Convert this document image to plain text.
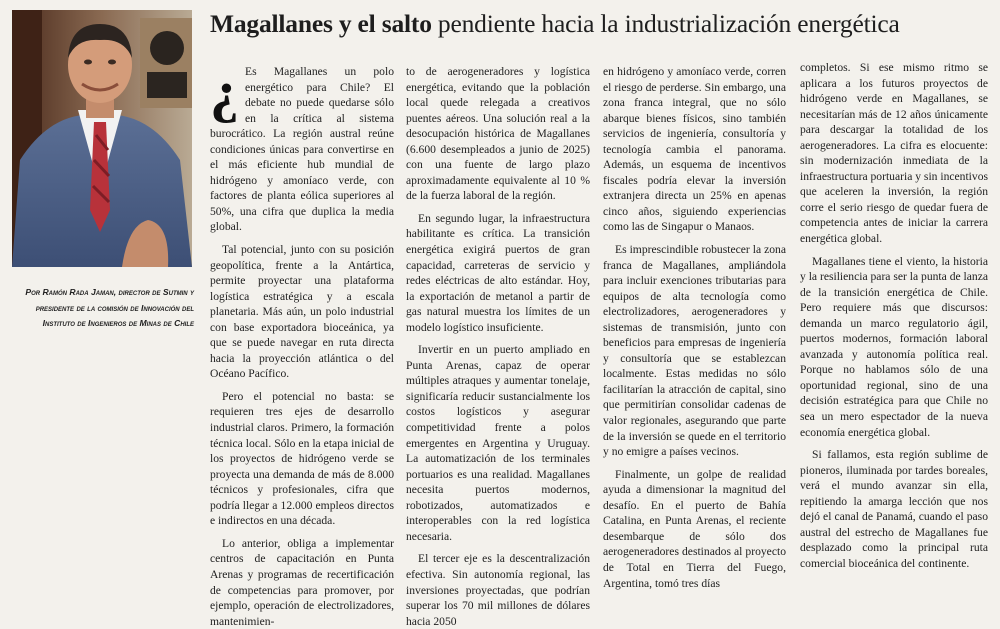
Magallanes y el salto pendiente hacia la industrialización energética
Por Ramón Rada Jaman, director de Sutmin y presidente de la comisión de Innovación del Instituto de Ingenieros de Minas de Chile

¿ Es Magallanes un polo energético para Chile? El debate no puede quedarse sólo en la crítica al sistema burocrático. La región austral reúne condiciones únicas para convertirse en el más eficiente hub mundial de hidrógeno y amoníaco verde, con factores de planta eólica superiores al 50%, una cifra que duplica la media global.

Tal potencial, junto con su posición geopolítica, frente a la Antártica, permite proyectar una plataforma logística estratégica y a escala planetaria. Más aún, un polo industrial con base exportadora bioceánica, ya que se puede navegar en ruta directa hacia la proyección atlántica o del Océano Pacífico.

Pero el potencial no basta: se requieren tres ejes de desarrollo industrial claros. Primero, la formación técnica local. Sólo en la etapa inicial de los proyectos de hidrógeno verde se proyecta una demanda de más de 8.000 técnicos y profesionales, cifra que podría llegar a 12.000 empleos directos e indirectos en una década.

Lo anterior, obliga a implementar centros de capacitación en Punta Arenas y programas de recertificación de competencias para promover, por ejemplo, operación de electrolizadores, mantenimien-

to de aerogeneradores y logística energética, evitando que la población local quede relegada a creativos puentes aéreos. Una solución real a la desocupación histórica de Magallanes (6.600 desempleados a junio de 2025) con una fuente de largo plazo aproximadamente equivalente al 10 % de la fuerza laboral de la región.

En segundo lugar, la infraestructura habilitante es crítica. La transición energética exigirá puertos de gran capacidad, carreteras de servicio y redes eléctricas de alto estándar. Hoy, la exportación de metanol a partir de gas natural muestra los límites de un modelo logístico insuficiente.

Invertir en un puerto ampliado en Punta Arenas, capaz de operar múltiples atraques y aumentar tonelaje, significaría reducir sustancialmente los costos logísticos y asegurar competitividad frente a polos emergentes en Argentina y Uruguay. La automatización de los terminales portuarios es una realidad. Magallanes necesita puertos modernos, robotizados, automatizados e interoperables con la red logística necesaria.

El tercer eje es la descentralización efectiva. Sin autonomía regional, las inversiones proyectadas, que podrían superar los 70 mil millones de dólares hacia 2050

en hidrógeno y amoníaco verde, corren el riesgo de perderse. Sin embargo, una zona franca integral, que no sólo abarque bienes físicos, sino también servicios de ingeniería, consultoría y tecnología cambia el panorama. Además, un esquema de incentivos fiscales podría elevar la inversión extranjera directa un 25% en apenas cinco años, siguiendo experiencias como las de Singapur o Manaos.

Es imprescindible robustecer la zona franca de Magallanes, ampliándola para incluir exenciones tributarias para equipos de alta tecnología como electrolizadores, aerogeneradores y sistemas de transmisión, junto con beneficios para empresas de ingeniería y consultoría que se establezcan localmente. Estas medidas no sólo facilitarían la atracción de capital, sino que permitirían consolidar cadenas de valor regionales, asegurando que parte de la inversión se quede en el territorio y no emigre a países vecinos.

Finalmente, un golpe de realidad ayuda a dimensionar la magnitud del desafío. En el puerto de Bahía Catalina, en Punta Arenas, el reciente desembarque de sólo dos aerogeneradores destinados al proyecto de Total en Tierra del Fuego, Argentina, tomó tres días

completos. Si ese mismo ritmo se aplicara a los futuros proyectos de hidrógeno verde en Magallanes, se necesitarían más de 12 años únicamente para descargar la totalidad de los aerogeneradores. La cifra es elocuente: sin modernización inmediata de la infraestructura portuaria y sin incentivos que aceleren la inversión, la región corre el serio riesgo de quedar fuera de competencia antes de iniciar la carrera energética global.

Magallanes tiene el viento, la historia y la resiliencia para ser la punta de lanza de la transición energética de Chile. Pero requiere más que discursos: demanda un marco regulatorio ágil, puertos modernos, formación laboral avanzada y autonomía política real. Porque no hablamos sólo de una oportunidad regional, sino de una decisión estratégica para que Chile no sea un mero espectador de la nueva economía energética global.

Si fallamos, esta región sublime de pioneros, iluminada por tardes boreales, verá el mundo avanzar sin ella, repitiendo la amarga lección que nos dejó el canal de Panamá, cuando el paso austral del estrecho de Magallanes fue desplazado como la principal ruta comercial bioceánica del continente.
